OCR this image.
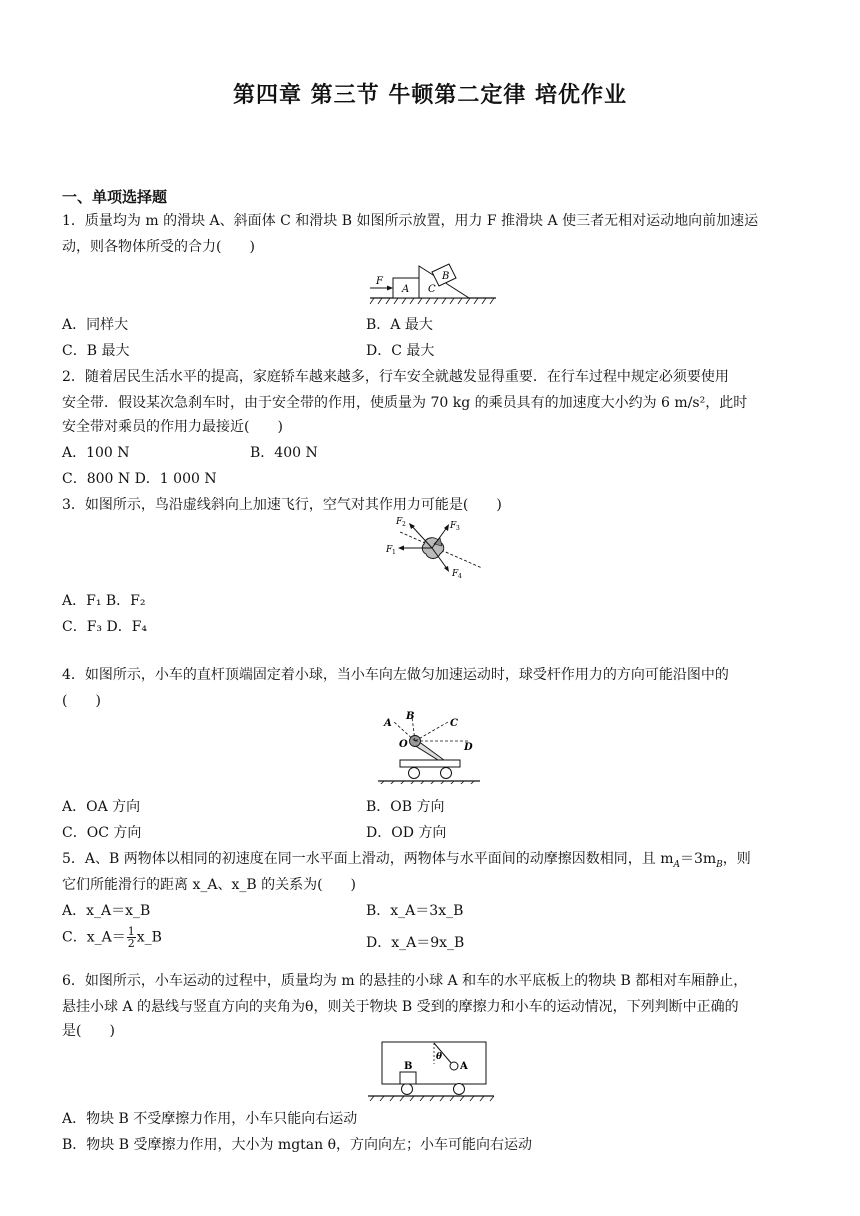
第四章 第三节 牛顿第二定律 培优作业
一、单项选择题
1．质量均为 m 的滑块 A、斜面体 C 和滑块 B 如图所示放置，用力 F 推滑块 A 使三者无相对运动地向前加速运
动，则各物体所受的合力(　　)
F
A C
B
A．同样大	B．A 最大
C．B 最大	D．C 最大
2．随着居民生活水平的提高，家庭轿车越来越多，行车安全就越发显得重要．在行车过程中规定必须要使用
安全带．假设某次急刹车时，由于安全带的作用，使质量为 70 kg 的乘员具有的加速度大小约为 6 m/s²，此时
安全带对乘员的作用力最接近(　　)
A．100 N	B．400 N
C．800 N D．1 000 N
3．如图所示，鸟沿虚线斜向上加速飞行，空气对其作用力可能是(　　)
F 2	F 3
F 1
F 4
A．F₁ B．F₂
C．F₃ D．F₄
4．如图所示，小车的直杆顶端固定着小球，当小车向左做匀加速运动时，球受杆作用力的方向可能沿图中的
(　　)
A
B
C
D
O
A．OA 方向	B．OB 方向
C．OC 方向	D．OD 方向
5．A、B 两物体以相同的初速度在同一水平面上滑动，两物体与水平面间的动摩擦因数相同，且 $m_A=3m_B$，则
它们所能滑行的距离 x_A、x_B 的关系为(　　)
A．x_A＝x_B	B．x_A＝3x_B
C．x_A＝ $\frac{1}{2}$ x_B	D．x_A＝9x_B
6．如图所示，小车运动的过程中，质量均为 m 的悬挂的小球 A 和车的水平底板上的物块 B 都相对车厢静止，
悬挂小球 A 的悬线与竖直方向的夹角为θ，则关于物块 B 受到的摩擦力和小车的运动情况，下列判断中正确的
是(　　)
B	A
θ
A．物块 B 不受摩擦力作用，小车只能向右运动
B．物块 B 受摩擦力作用，大小为 mgtan θ，方向向左；小车可能向右运动
